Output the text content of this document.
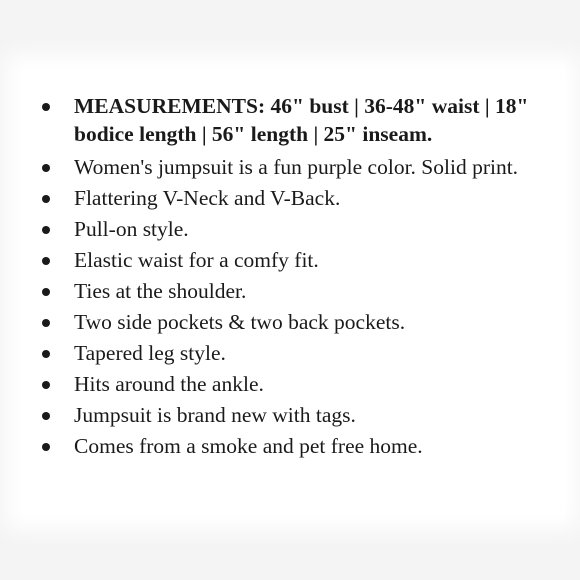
MEASUREMENTS: 46" bust | 36-48" waist | 18" bodice length | 56" length | 25" inseam.
Women's jumpsuit is a fun purple color. Solid print.
Flattering V-Neck and V-Back.
Pull-on style.
Elastic waist for a comfy fit.
Ties at the shoulder.
Two side pockets & two back pockets.
Tapered leg style.
Hits around the ankle.
Jumpsuit is brand new with tags.
Comes from a smoke and pet free home.
